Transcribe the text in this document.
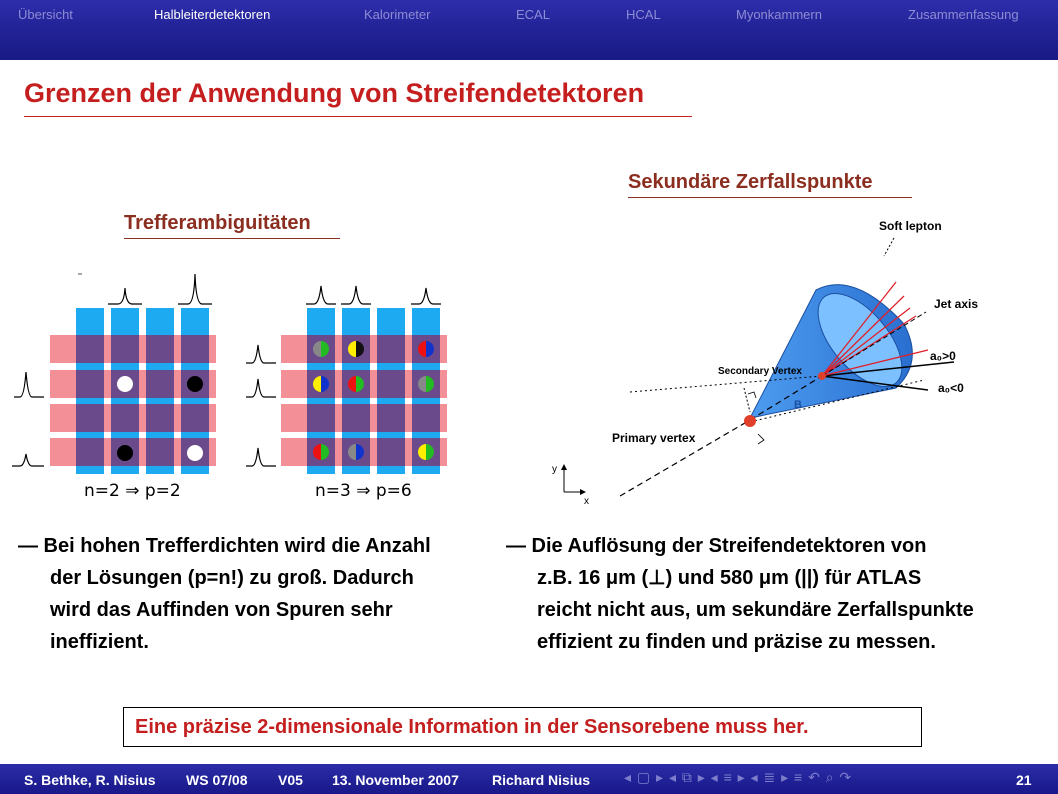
Übersicht	Halbleiterdetektoren	Kalorimeter	ECAL	HCAL	Myonkammern	Zusammenfassung
Grenzen der Anwendung von Streifendetektoren
Trefferambiguitäten
Sekundäre Zerfallspunkte
n=2 ⇒ p=2	n=3 ⇒ p=6
Soft lepton
Jet axis
a₀>0
a₀<0
Secondary Vertex
B
Primary vertex
y
x
— Bei hohen Trefferdichten wird die Anzahl
der Lösungen (p=n!) zu groß. Dadurch
wird das Auffinden von Spuren sehr
ineffizient.
— Die Auflösung der Streifendetektoren von
z.B. 16 μm (⊥) und 580 μm (||) für ATLAS
reicht nicht aus, um sekundäre Zerfallspunkte
effizient zu finden und präzise zu messen.
Eine präzise 2-dimensionale Information in der Sensorebene muss her.
S. Bethke, R. Nisius WS 07/08 V05 13. November 2007 Richard Nisius ◂ ▢ ▸ ◂ ⧉ ▸ ◂ ≡ ▸ ◂ ≣ ▸ ≡ ↶ ⌕ ↷	21
